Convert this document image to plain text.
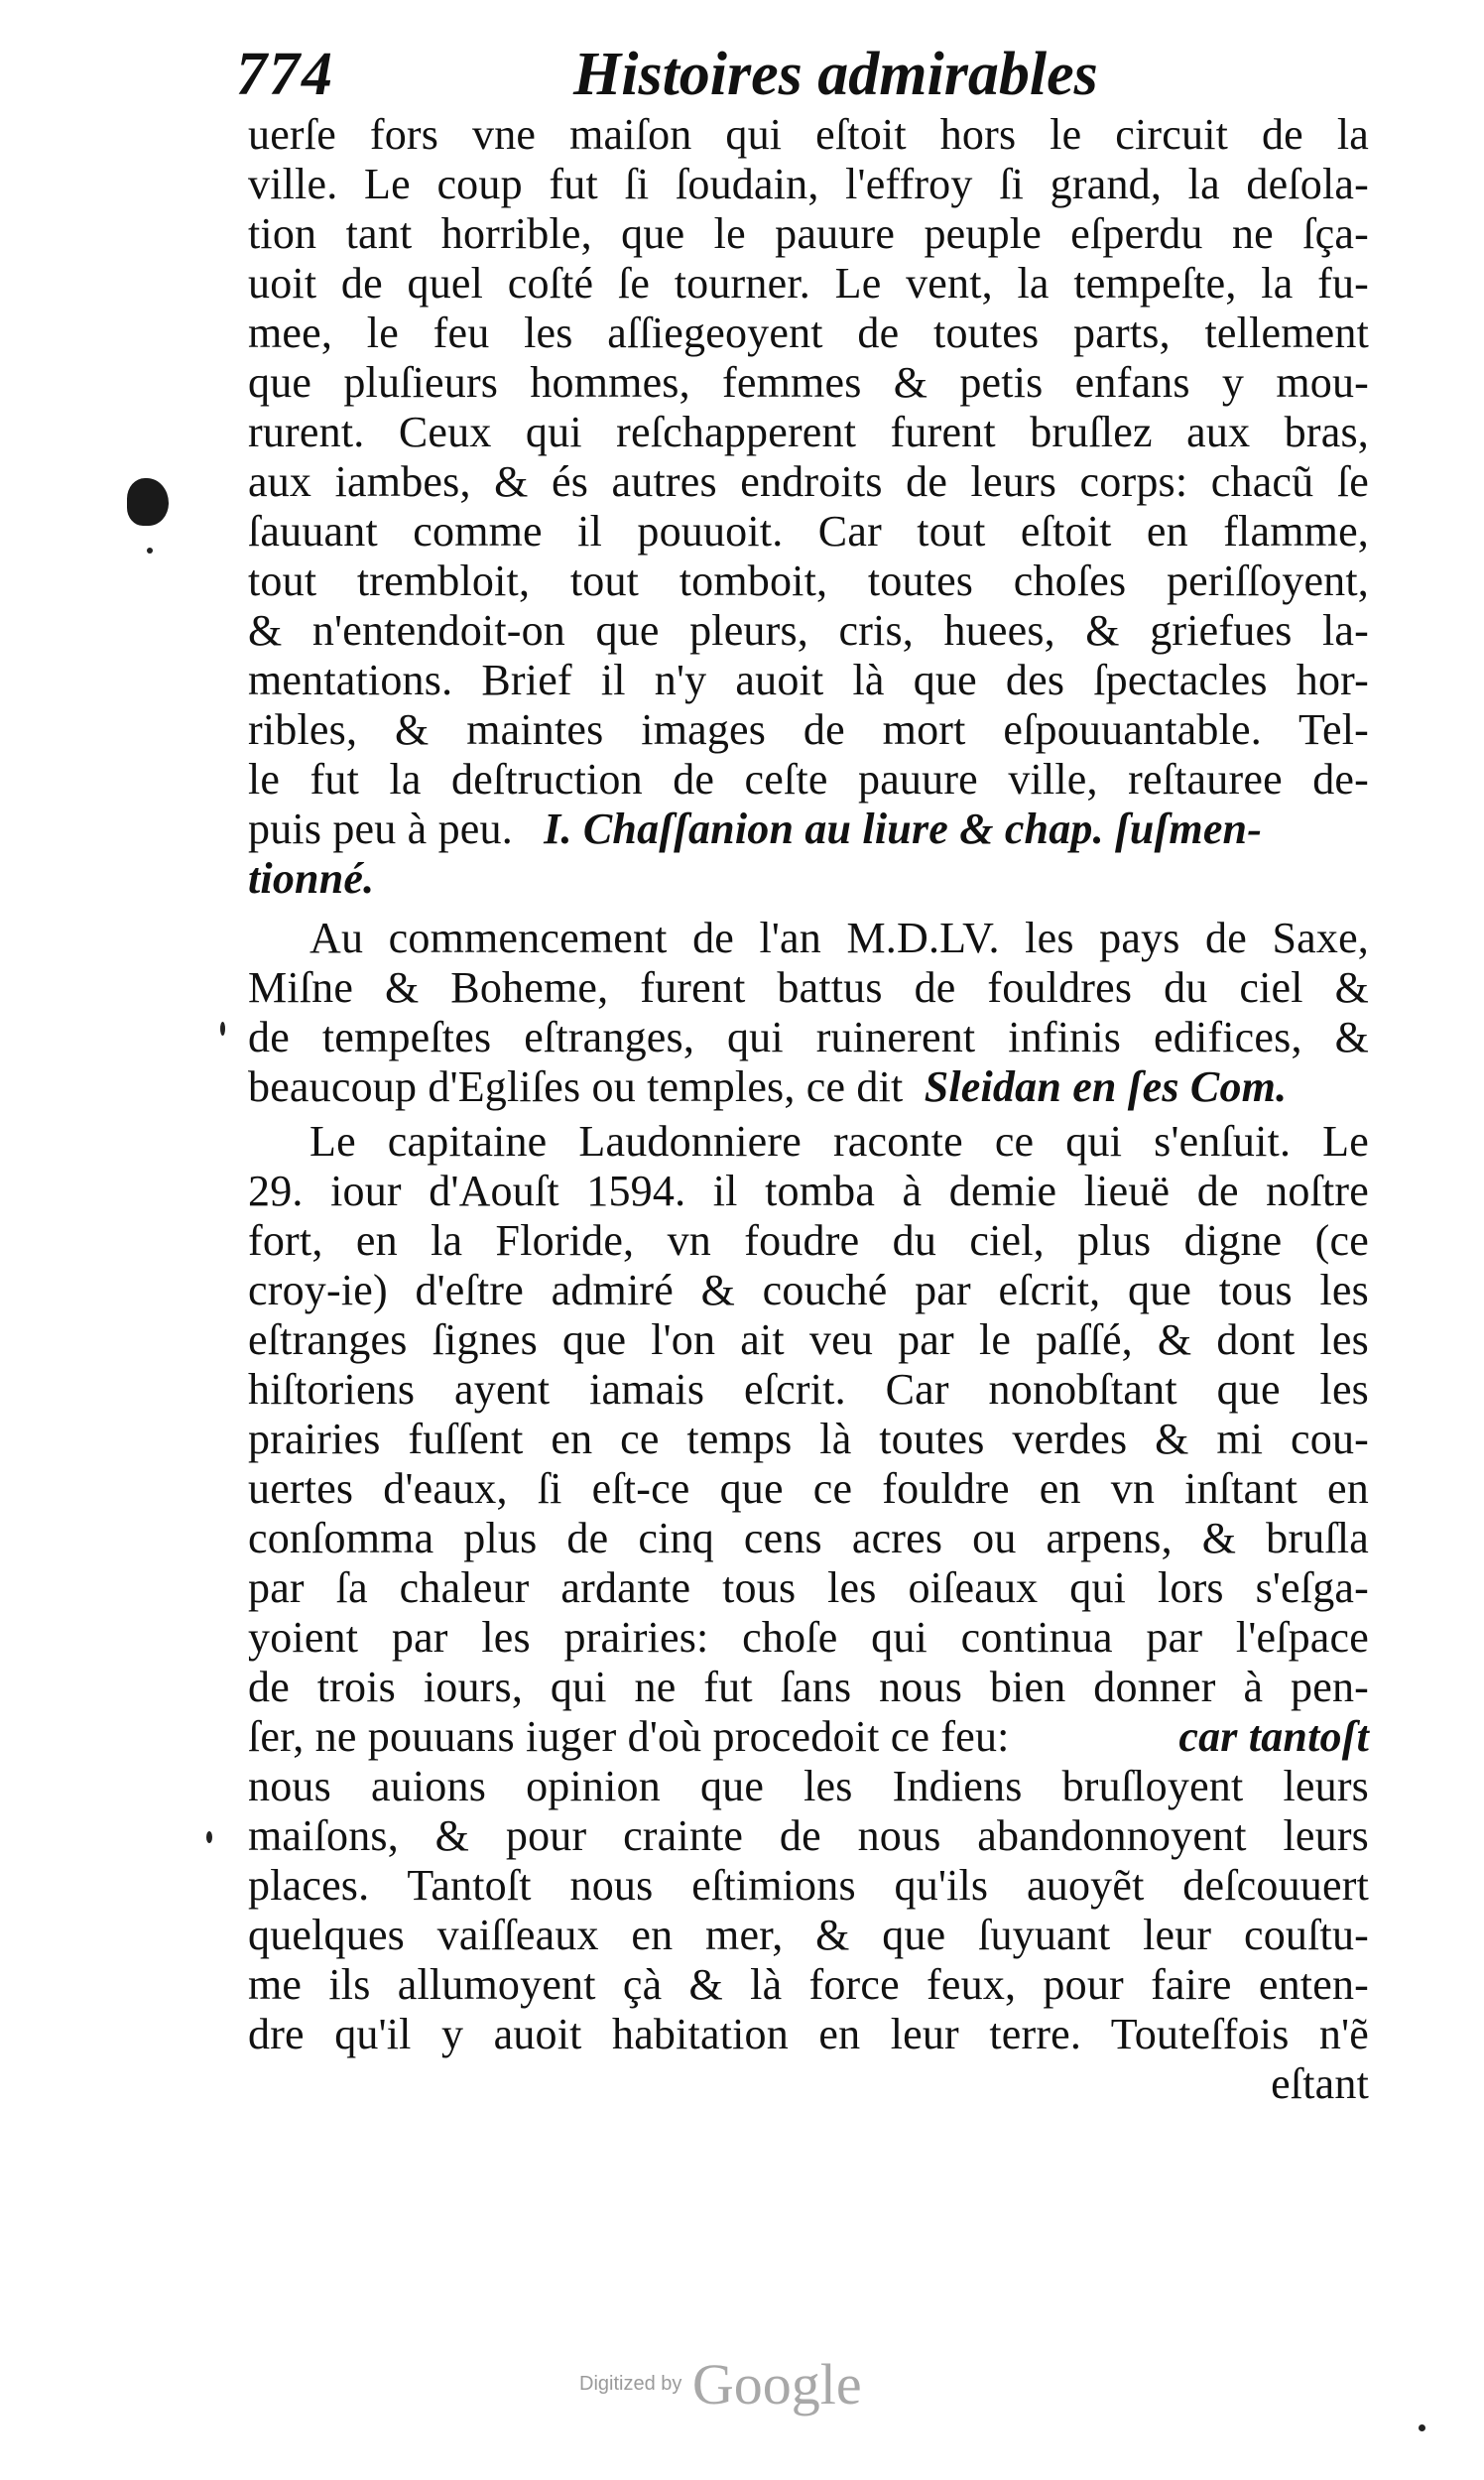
774	Histoires admirables
uerſe fors vne maiſon qui eſtoit hors le circuit de la
ville. Le coup fut ſi ſoudain, l'effroy ſi grand, la deſola-
tion tant horrible, que le pauure peuple eſperdu ne ſça-
uoit de quel coſté ſe tourner. Le vent, la tempeſte, la fu-
mee, le feu les aſſiegeoyent de toutes parts, tellement
que pluſieurs hommes, femmes & petis enfans y mou-
rurent. Ceux qui reſchapperent furent bruſlez aux bras,
aux iambes, & és autres endroits de leurs corps: chacũ ſe
ſauuant comme il pouuoit. Car tout eſtoit en flamme,
tout trembloit, tout tomboit, toutes choſes periſſoyent,
& n'entendoit-on que pleurs, cris, huees, & griefues la-
mentations. Brief il n'y auoit là que des ſpectacles hor-
ribles, & maintes images de mort eſpouuantable. Tel-
le fut la deſtruction de ceſte pauure ville, reſtauree de-
puis peu à peu. I. Chaſſanion au liure & chap. ſuſmen-
tionné.
Au commencement de l'an M.D.LV. les pays de Saxe,
Miſne & Boheme, furent battus de fouldres du ciel &
de tempeſtes eſtranges, qui ruinerent infinis edifices, &
beaucoup d'Egliſes ou temples, ce dit Sleidan en ſes Com.
Le capitaine Laudonniere raconte ce qui s'enſuit. Le
29. iour d'Aouſt 1594. il tomba à demie lieuë de noſtre
fort, en la Floride, vn foudre du ciel, plus digne (ce
croy-ie) d'eſtre admiré & couché par eſcrit, que tous les
eſtranges ſignes que l'on ait veu par le paſſé, & dont les
hiſtoriens ayent iamais eſcrit. Car nonobſtant que les
prairies fuſſent en ce temps là toutes verdes & mi cou-
uertes d'eaux, ſi eſt-ce que ce fouldre en vn inſtant en
conſomma plus de cinq cens acres ou arpens, & bruſla
par ſa chaleur ardante tous les oiſeaux qui lors s'eſga-
yoient par les prairies: choſe qui continua par l'eſpace
de trois iours, qui ne fut ſans nous bien donner à pen-
ſer, ne pouuans iuger d'où procedoit ce feu:	car tantoſt
nous auions opinion que les Indiens bruſloyent leurs
maiſons, & pour crainte de nous abandonnoyent leurs
places. Tantoſt nous eſtimions qu'ils auoyẽt deſcouuert
quelques vaiſſeaux en mer, & que ſuyuant leur couſtu-
me ils allumoyent çà & là force feux, pour faire enten-
dre qu'il y auoit habitation en leur terre. Touteſfois n'ẽ
eſtant
Digitized by Google
